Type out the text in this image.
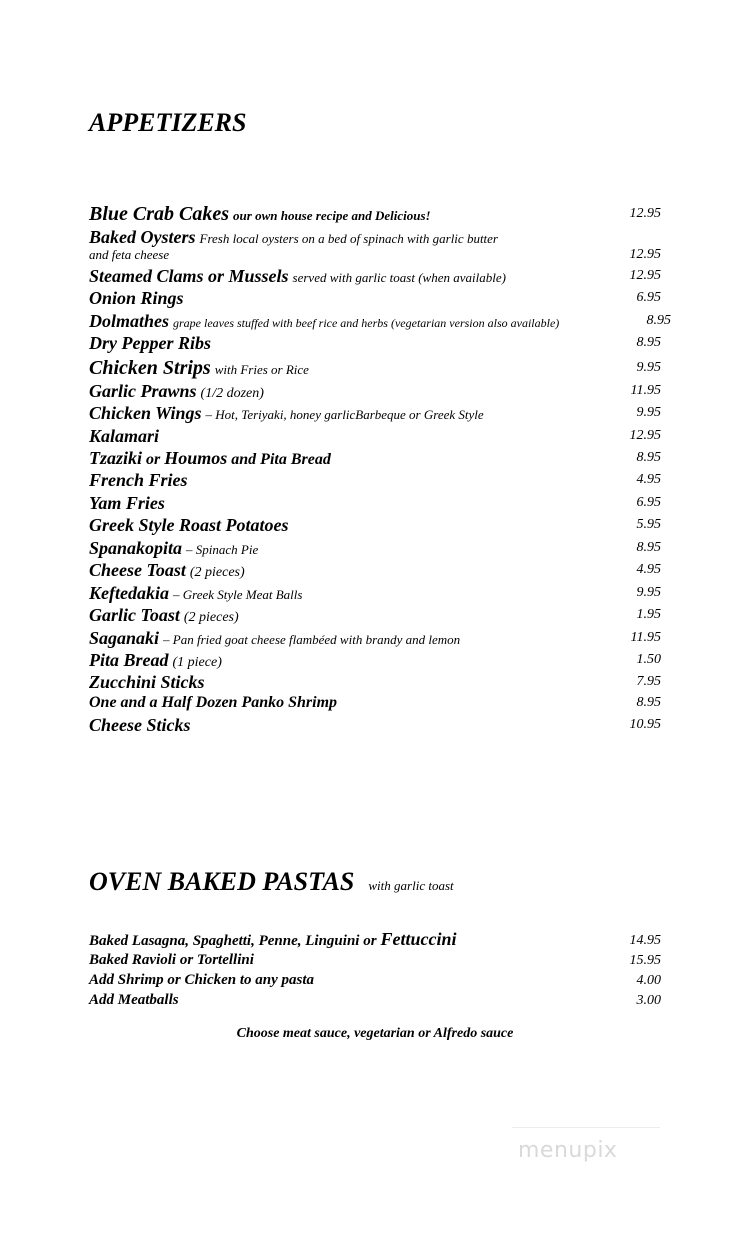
APPETIZERS
Blue Crab Cakes our own house recipe and Delicious!	12.95
Baked Oysters Fresh local oysters on a bed of spinach with garlic butter
and feta cheese	12.95
Steamed Clams or Mussels served with garlic toast (when available)	12.95
Onion Rings	6.95
Dolmathes grape leaves stuffed with beef rice and herbs (vegetarian version also available)	8.95
Dry Pepper Ribs	8.95
Chicken Strips with Fries or Rice	9.95
Garlic Prawns (1/2 dozen)	11.95
Chicken Wings – Hot, Teriyaki, honey garlicBarbeque or Greek Style	9.95
Kalamari	12.95
Tzaziki or Houmos and Pita Bread	8.95
French Fries	4.95
Yam Fries	6.95
Greek Style Roast Potatoes	5.95
Spanakopita – Spinach Pie	8.95
Cheese Toast (2 pieces)	4.95
Keftedakia – Greek Style Meat Balls	9.95
Garlic Toast (2 pieces)	1.95
Saganaki – Pan fried goat cheese flambéed with brandy and lemon	11.95
Pita Bread (1 piece)	1.50
Zucchini Sticks	7.95
One and a Half Dozen Panko Shrimp	8.95
Cheese Sticks	10.95
OVEN BAKED PASTAS with garlic toast
Baked Lasagna, Spaghetti, Penne, Linguini or Fettuccini	14.95
Baked Ravioli or Tortellini	15.95
Add Shrimp or Chicken to any pasta	4.00
Add Meatballs	3.00
Choose meat sauce, vegetarian or Alfredo sauce
menupix
